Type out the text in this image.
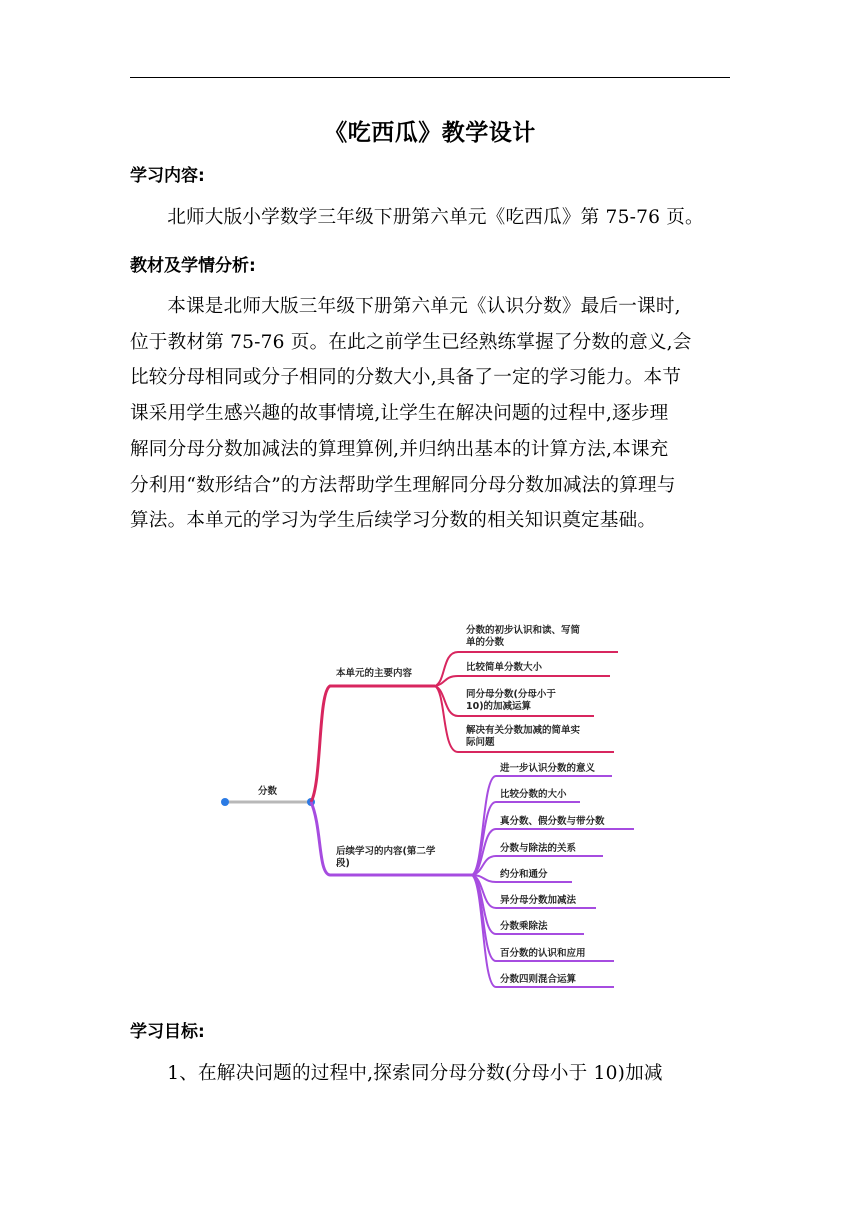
《吃西瓜》教学设计
学习内容:
北师大版小学数学三年级下册第六单元《吃西瓜》第 75-76 页。
教材及学情分析:
本课是北师大版三年级下册第六单元《认识分数》最后一课时,
位于教材第 75-76 页。在此之前学生已经熟练掌握了分数的意义,会
比较分母相同或分子相同的分数大小,具备了一定的学习能力。本节
课采用学生感兴趣的故事情境,让学生在解决问题的过程中,逐步理
解同分母分数加减法的算理算例,并归纳出基本的计算方法,本课充
分利用“数形结合”的方法帮助学生理解同分母分数加减法的算理与
算法。本单元的学习为学生后续学习分数的相关知识奠定基础。
分数
本单元的主要内容
分数的初步认识和读、写简
单的分数
比较简单分数大小
同分母分数(分母小于
10)的加减运算
解决有关分数加减的简单实
际问题
后续学习的内容(第二学
段)
进一步认识分数的意义
比较分数的大小
真分数、假分数与带分数
分数与除法的关系
约分和通分
异分母分数加减法
分数乘除法
百分数的认识和应用
分数四则混合运算
学习目标:
1、在解决问题的过程中,探索同分母分数(分母小于 10)加减
